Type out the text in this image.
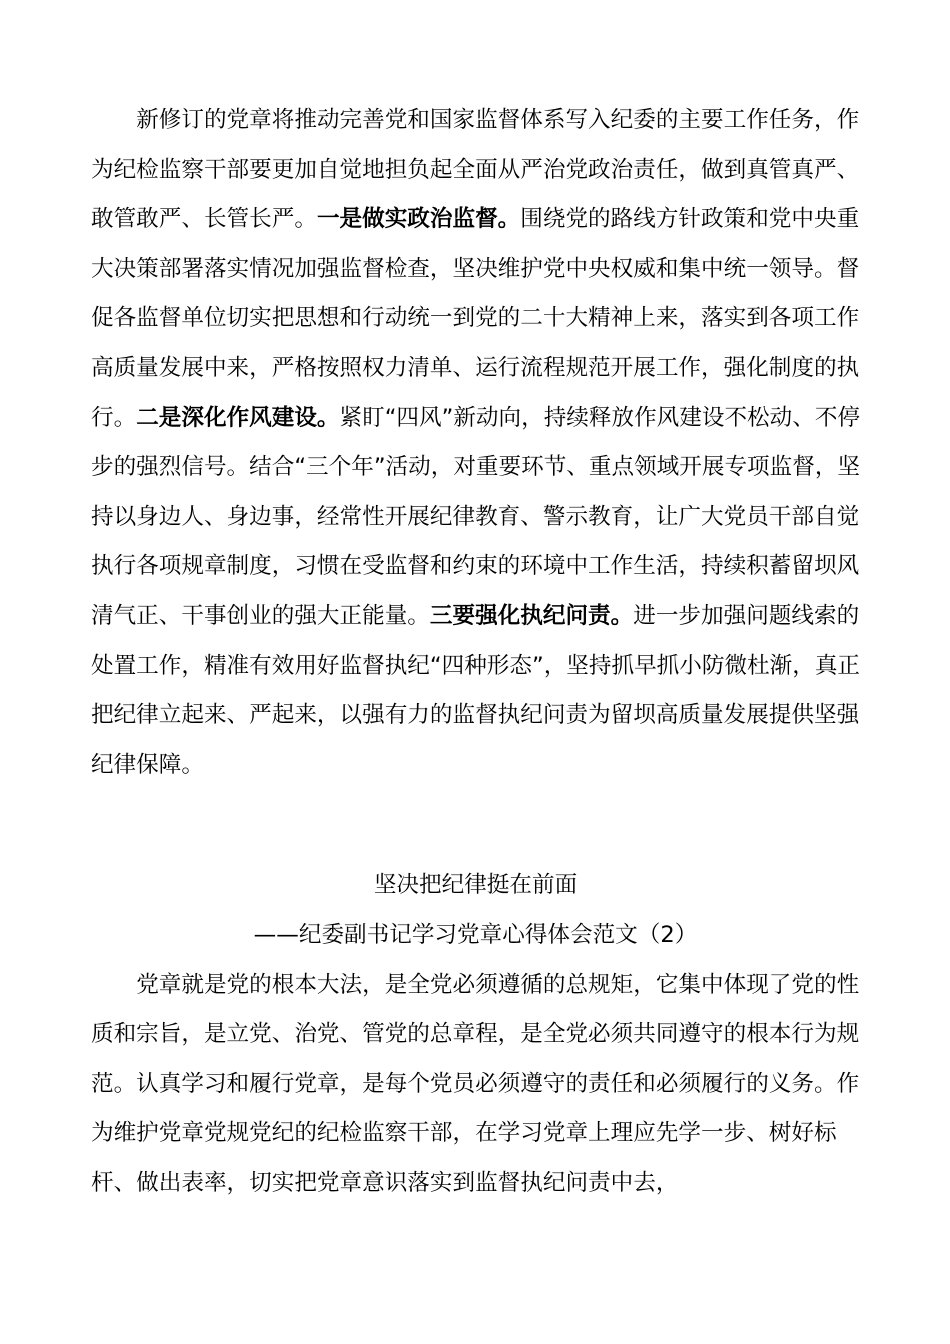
新修订的党章将推动完善党和国家监督体系写入纪委的主要工作任务，作为纪检监察干部要更加自觉地担负起全面从严治党政治责任，做到真管真严、敢管敢严、长管长严。一是做实政治监督。围绕党的路线方针政策和党中央重大决策部署落实情况加强监督检查，坚决维护党中央权威和集中统一领导。督促各监督单位切实把思想和行动统一到党的二十大精神上来，落实到各项工作高质量发展中来，严格按照权力清单、运行流程规范开展工作，强化制度的执行。二是深化作风建设。紧盯“四风”新动向，持续释放作风建设不松动、不停步的强烈信号。结合“三个年”活动，对重要环节、重点领域开展专项监督，坚持以身边人、身边事，经常性开展纪律教育、警示教育，让广大党员干部自觉执行各项规章制度，习惯在受监督和约束的环境中工作生活，持续积蓄留坝风清气正、干事创业的强大正能量。三要强化执纪问责。进一步加强问题线索的处置工作，精准有效用好监督执纪“四种形态”，坚持抓早抓小防微杜渐，真正把纪律立起来、严起来，以强有力的监督执纪问责为留坝高质量发展提供坚强纪律保障。

坚决把纪律挺在前面

——纪委副书记学习党章心得体会范文（2）

党章就是党的根本大法，是全党必须遵循的总规矩，它集中体现了党的性质和宗旨，是立党、治党、管党的总章程，是全党必须共同遵守的根本行为规范。认真学习和履行党章，是每个党员必须遵守的责任和必须履行的义务。作为维护党章党规党纪的纪检监察干部，在学习党章上理应先学一步、树好标杆、做出表率，切实把党章意识落实到监督执纪问责中去，
